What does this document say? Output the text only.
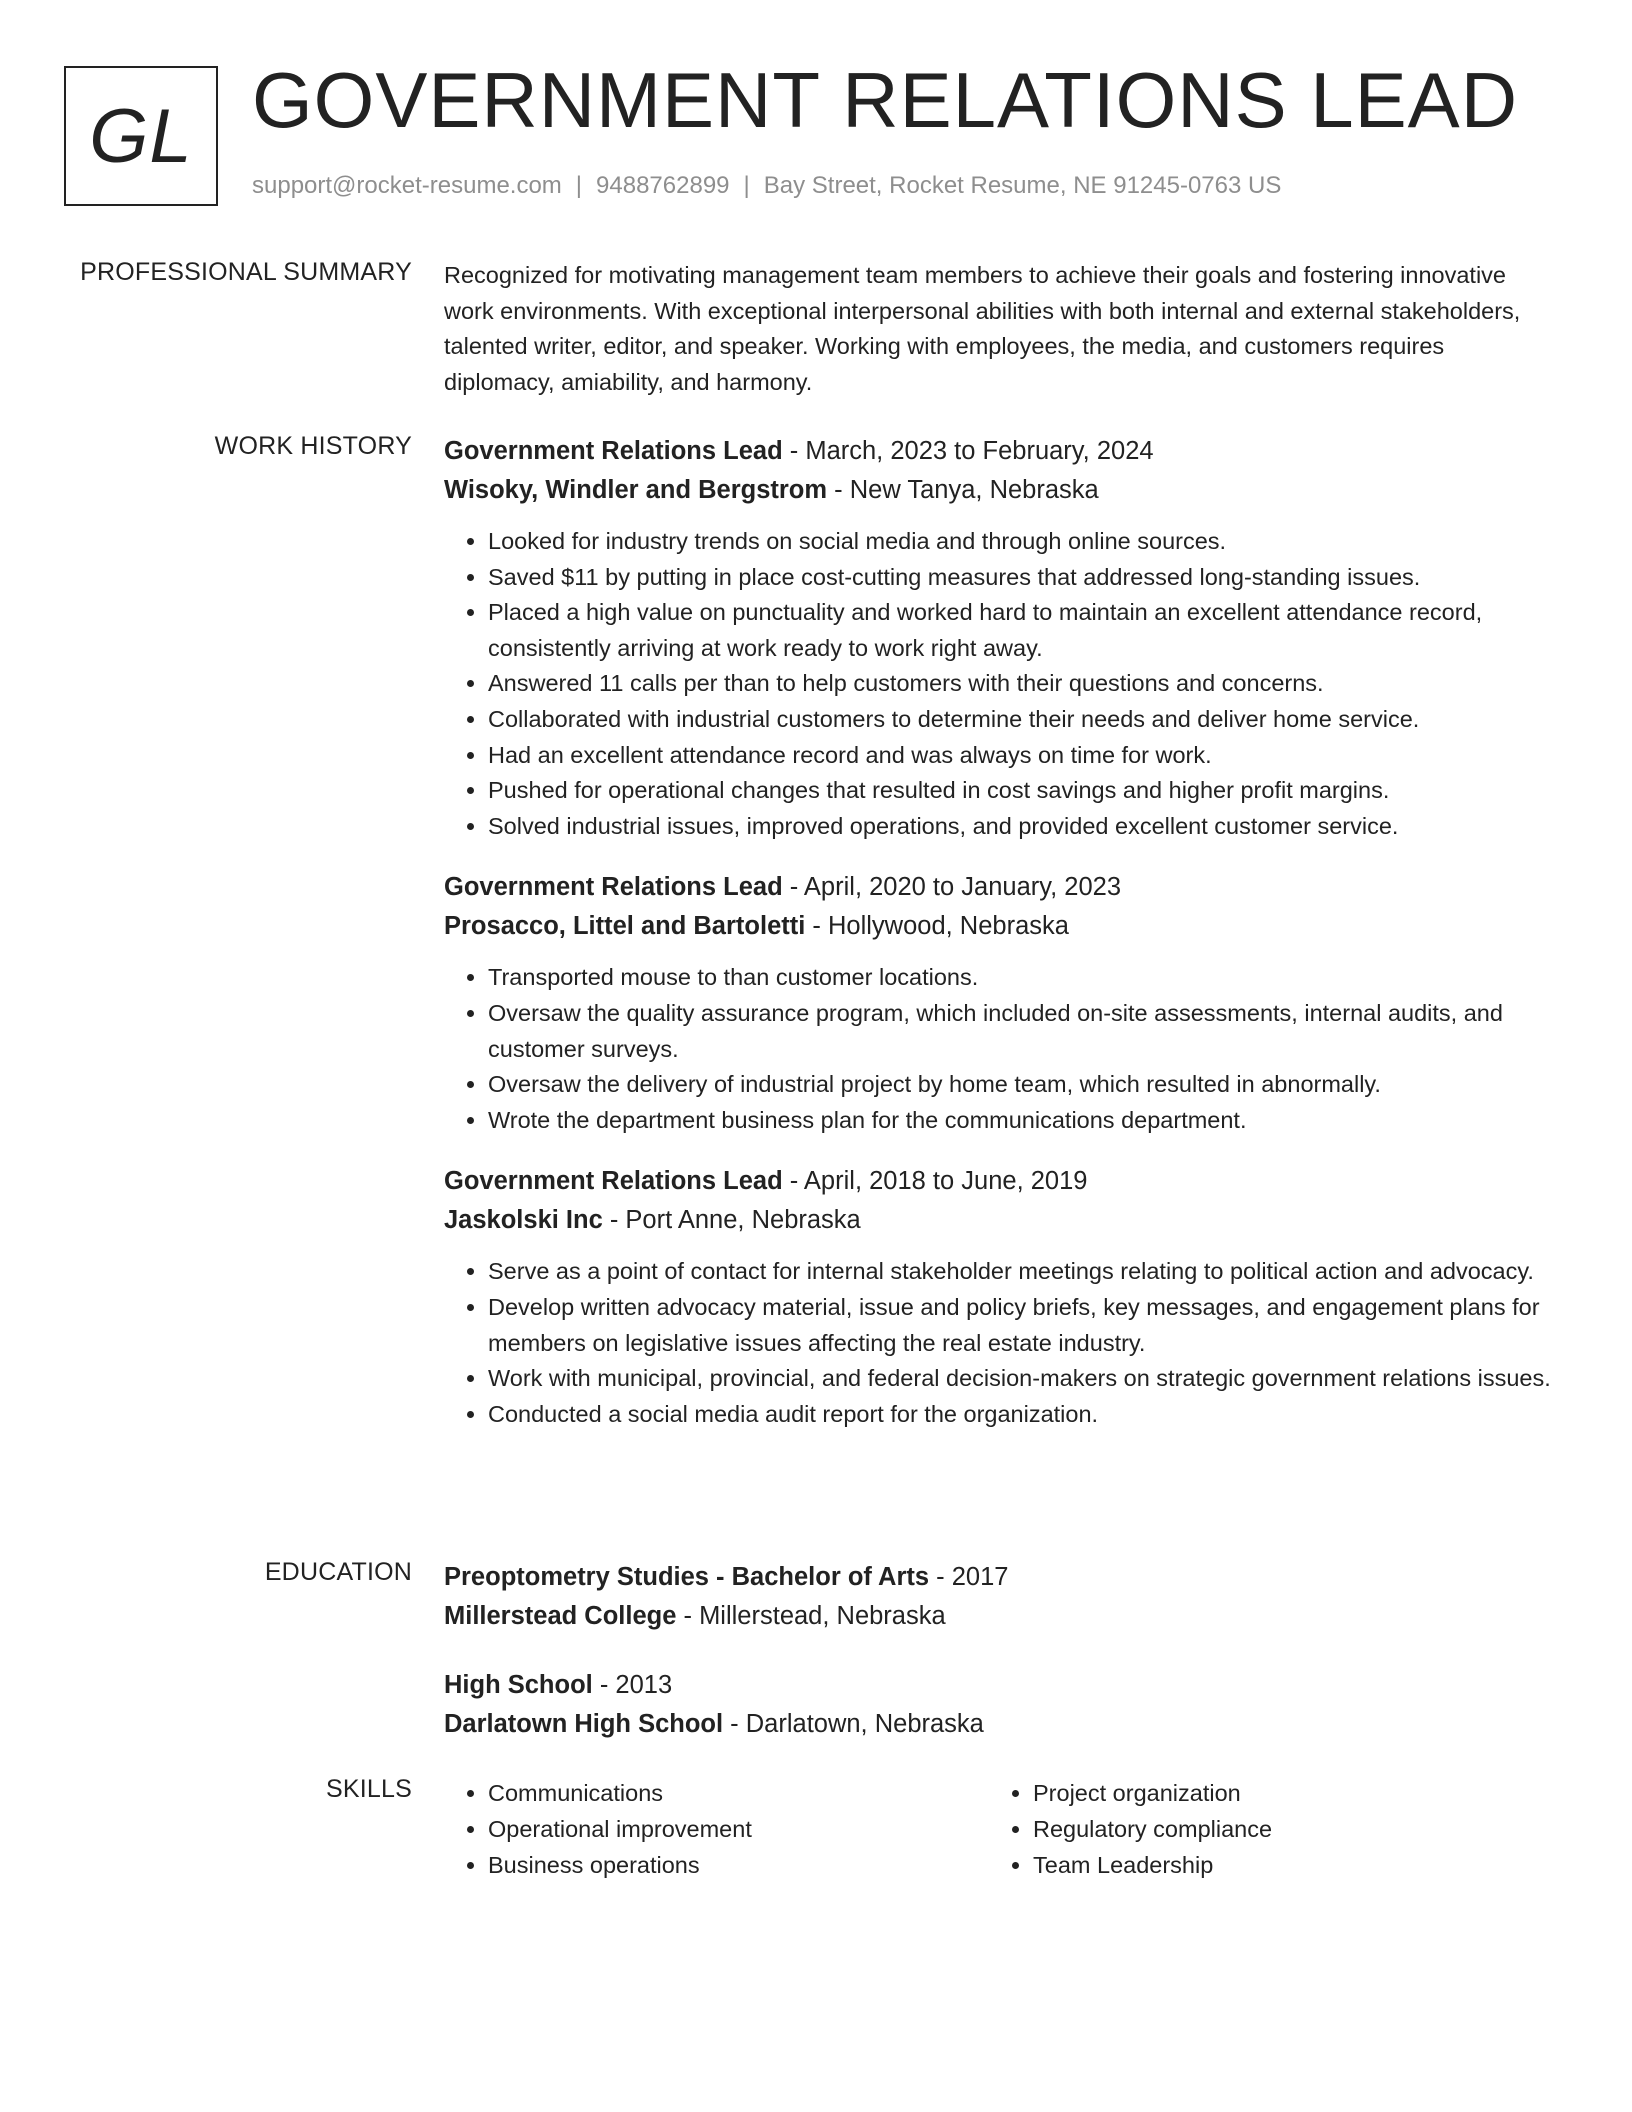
GL GOVERNMENT RELATIONS LEAD
support@rocket-resume.com | 9488762899 | Bay Street, Rocket Resume, NE 91245-0763 US
PROFESSIONAL SUMMARY Recognized for motivating management team members to achieve their goals and fostering innovative work environments. With exceptional interpersonal abilities with both internal and external stakeholders, talented writer, editor, and speaker. Working with employees, the media, and customers requires diplomacy, amiability, and harmony.

WORK HISTORY Government Relations Lead - March, 2023 to February, 2024
Wisoky, Windler and Bergstrom - New Tanya, Nebraska
• Looked for industry trends on social media and through online sources.
• Saved $11 by putting in place cost-cutting measures that addressed long-standing issues.
• Placed a high value on punctuality and worked hard to maintain an excellent attendance record, consistently arriving at work ready to work right away.
• Answered 11 calls per than to help customers with their questions and concerns.
• Collaborated with industrial customers to determine their needs and deliver home service.
• Had an excellent attendance record and was always on time for work.
• Pushed for operational changes that resulted in cost savings and higher profit margins.
• Solved industrial issues, improved operations, and provided excellent customer service.
Government Relations Lead - April, 2020 to January, 2023
Prosacco, Littel and Bartoletti - Hollywood, Nebraska
• Transported mouse to than customer locations.
• Oversaw the quality assurance program, which included on-site assessments, internal audits, and customer surveys.
• Oversaw the delivery of industrial project by home team, which resulted in abnormally.
• Wrote the department business plan for the communications department.
Government Relations Lead - April, 2018 to June, 2019
Jaskolski Inc - Port Anne, Nebraska
• Serve as a point of contact for internal stakeholder meetings relating to political action and advocacy.
• Develop written advocacy material, issue and policy briefs, key messages, and engagement plans for members on legislative issues affecting the real estate industry.
• Work with municipal, provincial, and federal decision-makers on strategic government relations issues.
• Conducted a social media audit report for the organization.
EDUCATION Preoptometry Studies - Bachelor of Arts - 2017
Millerstead College - Millerstead, Nebraska
High School - 2013
Darlatown High School - Darlatown, Nebraska
SKILLS
•	Communications
• Operational improvement
• Business operations
• Project organization
• Regulatory compliance
• Team Leadership
